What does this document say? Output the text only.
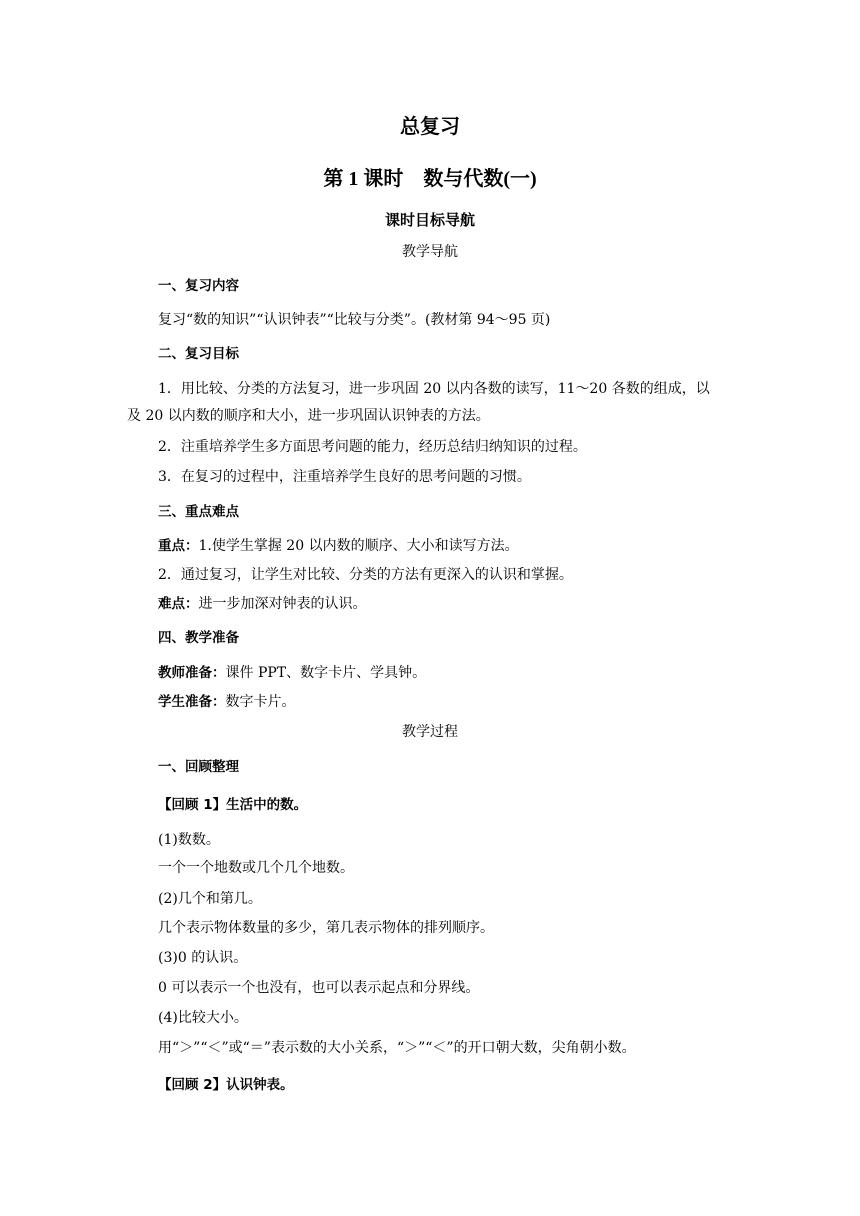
总复习
第 1 课时　数与代数(一)
课时目标导航
教学导航
一、复习内容
复习“数的知识”“认识钟表”“比较与分类”。(教材第 94～95 页)
二、复习目标
1．用比较、分类的方法复习，进一步巩固 20 以内各数的读写，11～20 各数的组成，以
及 20 以内数的顺序和大小，进一步巩固认识钟表的方法。
2．注重培养学生多方面思考问题的能力，经历总结归纳知识的过程。
3．在复习的过程中，注重培养学生良好的思考问题的习惯。
三、重点难点
重点：1.使学生掌握 20 以内数的顺序、大小和读写方法。
2．通过复习，让学生对比较、分类的方法有更深入的认识和掌握。
难点：进一步加深对钟表的认识。
四、教学准备
教师准备：课件 PPT、数字卡片、学具钟。
学生准备：数字卡片。
教学过程
一、回顾整理
【回顾 1】生活中的数。
(1)数数。
一个一个地数或几个几个地数。
(2)几个和第几。
几个表示物体数量的多少，第几表示物体的排列顺序。
(3)0 的认识。
0 可以表示一个也没有，也可以表示起点和分界线。
(4)比较大小。
用“＞”“＜”或“＝”表示数的大小关系，“＞”“＜”的开口朝大数，尖角朝小数。
【回顾 2】认识钟表。
